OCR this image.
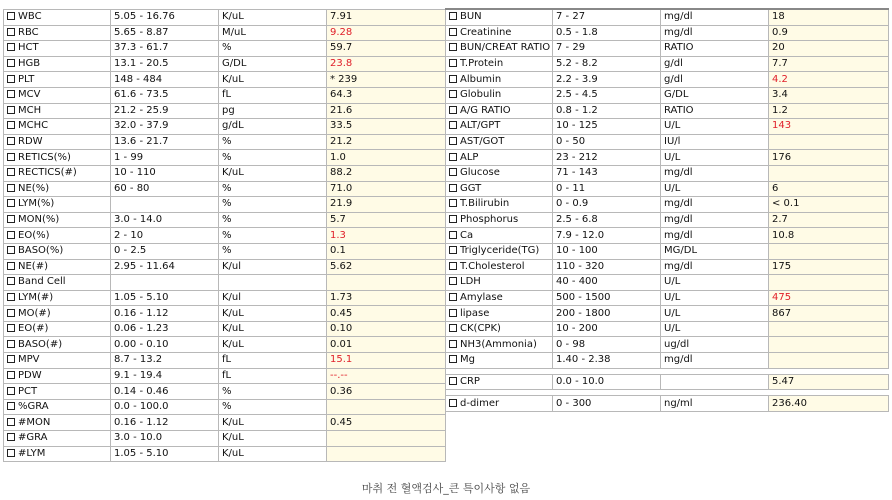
WBC	5.05 - 16.76	K/uL	7.91
RBC	5.65 - 8.87	M/uL	9.28
HCT	37.3 - 61.7	%	59.7
HGB	13.1 - 20.5	G/DL	23.8
PLT	148 - 484	K/uL	* 239
MCV	61.6 - 73.5	fL	64.3
MCH	21.2 - 25.9	pg	21.6
MCHC	32.0 - 37.9	g/dL	33.5
RDW	13.6 - 21.7	%	21.2
RETICS(%)	1 - 99	%	1.0
RECTICS(#)	10 - 110	K/uL	88.2
NE(%)	60 - 80	%	71.0
LYM(%)		%	21.9
MON(%)	3.0 - 14.0	%	5.7
EO(%)	2 - 10	%	1.3
BASO(%)	0 - 2.5	%	0.1
NE(#)	2.95 - 11.64	K/ul	5.62
Band Cell			
LYM(#)	1.05 - 5.10	K/ul	1.73
MO(#)	0.16 - 1.12	K/uL	0.45
EO(#)	0.06 - 1.23	K/uL	0.10
BASO(#)	0.00 - 0.10	K/uL	0.01
MPV	8.7 - 13.2	fL	15.1
PDW	9.1 - 19.4	fL	--.--
PCT	0.14 - 0.46	%	0.36
%GRA	0.0 - 100.0	%	
#MON	0.16 - 1.12	K/uL	0.45
#GRA	3.0 - 10.0	K/uL	
#LYM	1.05 - 5.10	K/uL	
BUN	7 - 27	mg/dl	18
Creatinine	0.5 - 1.8	mg/dl	0.9
BUN/CREAT RATIO	7 - 29	RATIO	20
T.Protein	5.2 - 8.2	g/dl	7.7
Albumin	2.2 - 3.9	g/dl	4.2
Globulin	2.5 - 4.5	G/DL	3.4
A/G RATIO	0.8 - 1.2	RATIO	1.2
ALT/GPT	10 - 125	U/L	143
AST/GOT	0 - 50	IU/l	
ALP	23 - 212	U/L	176
Glucose	71 - 143	mg/dl	
GGT	0 - 11	U/L	6
T.Bilirubin	0 - 0.9	mg/dl	< 0.1
Phosphorus	2.5 - 6.8	mg/dl	2.7
Ca	7.9 - 12.0	mg/dl	10.8
Triglyceride(TG)	10 - 100	MG/DL	
T.Cholesterol	110 - 320	mg/dl	175
LDH	40 - 400	U/L	
Amylase	500 - 1500	U/L	475
lipase	200 - 1800	U/L	867
CK(CPK)	10 - 200	U/L	
NH3(Ammonia)	0 - 98	ug/dl	
Mg	1.40 - 2.38	mg/dl	

CRP	0.0 - 10.0		5.47

d-dimer	0 - 300	ng/ml	236.40
마취 전 혈액검사_큰 특이사항 없음
